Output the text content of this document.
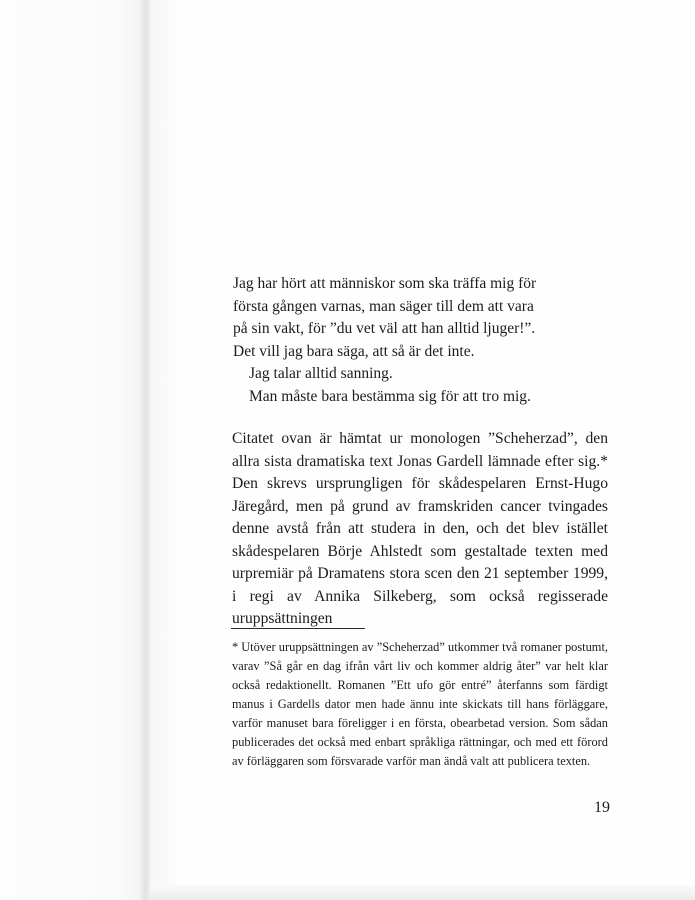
Jag har hört att människor som ska träffa mig för
första gången varnas, man säger till dem att vara
på sin vakt, för ”du vet väl att han alltid ljuger!”.
Det vill jag bara säga, att så är det inte.
Jag talar alltid sanning.
Man måste bara bestämma sig för att tro mig.

Citatet ovan är hämtat ur monologen ”Scheherzad”, den allra sista dramatiska text Jonas Gardell lämnade efter sig.* Den skrevs ursprungligen för skådespelaren Ernst-Hugo Järegård, men på grund av framskriden cancer tvingades denne avstå från att studera in den, och det blev istället skådespelaren Börje Ahlstedt som gestaltade texten med urpremiär på Dramatens stora scen den 21 september 1999, i regi av Annika Silkeberg, som också regisserade uruppsättningen

* Utöver uruppsättningen av ”Scheherzad” utkommer två romaner postumt, varav ”Så går en dag ifrån vårt liv och kommer aldrig åter” var helt klar också redaktionellt. Romanen ”Ett ufo gör entré” återfanns som färdigt manus i Gardells dator men hade ännu inte skickats till hans förläggare, varför manuset bara föreligger i en första, obearbetad version. Som sådan publicerades det också med enbart språkliga rättningar, och med ett förord av förläggaren som försvarade varför man ändå valt att publicera texten.

19
